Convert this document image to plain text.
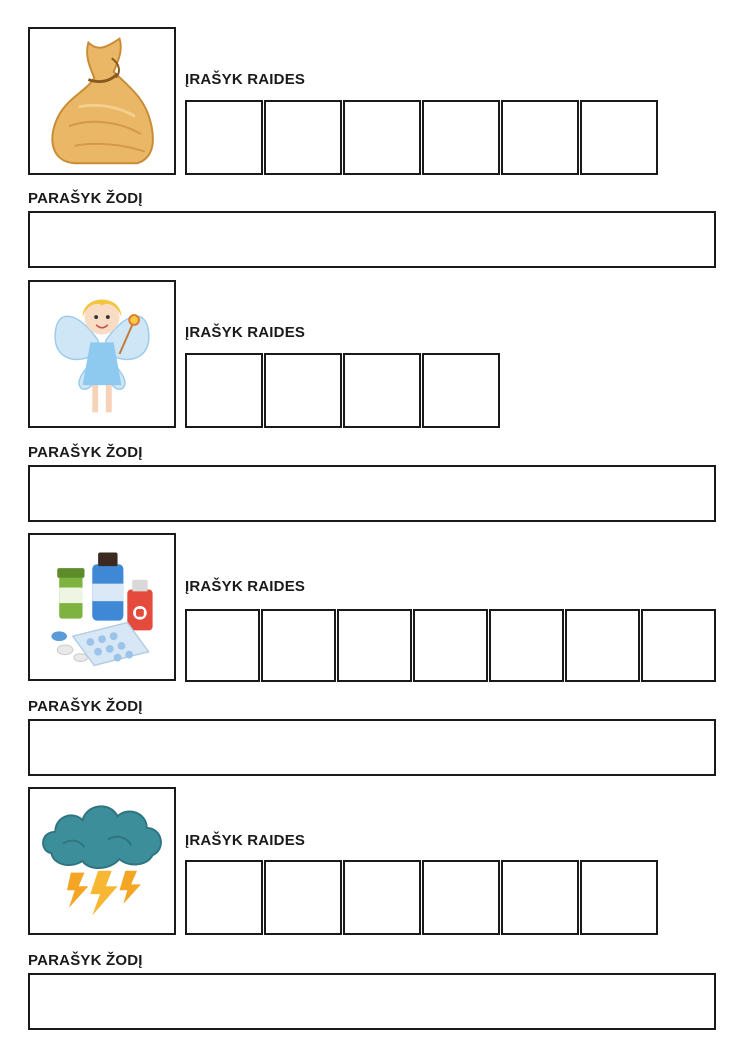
ĮRAŠYK RAIDES
PARAŠYK ŽODĮ
ĮRAŠYK RAIDES
PARAŠYK ŽODĮ
ĮRAŠYK RAIDES
PARAŠYK ŽODĮ
ĮRAŠYK RAIDES
PARAŠYK ŽODĮ
